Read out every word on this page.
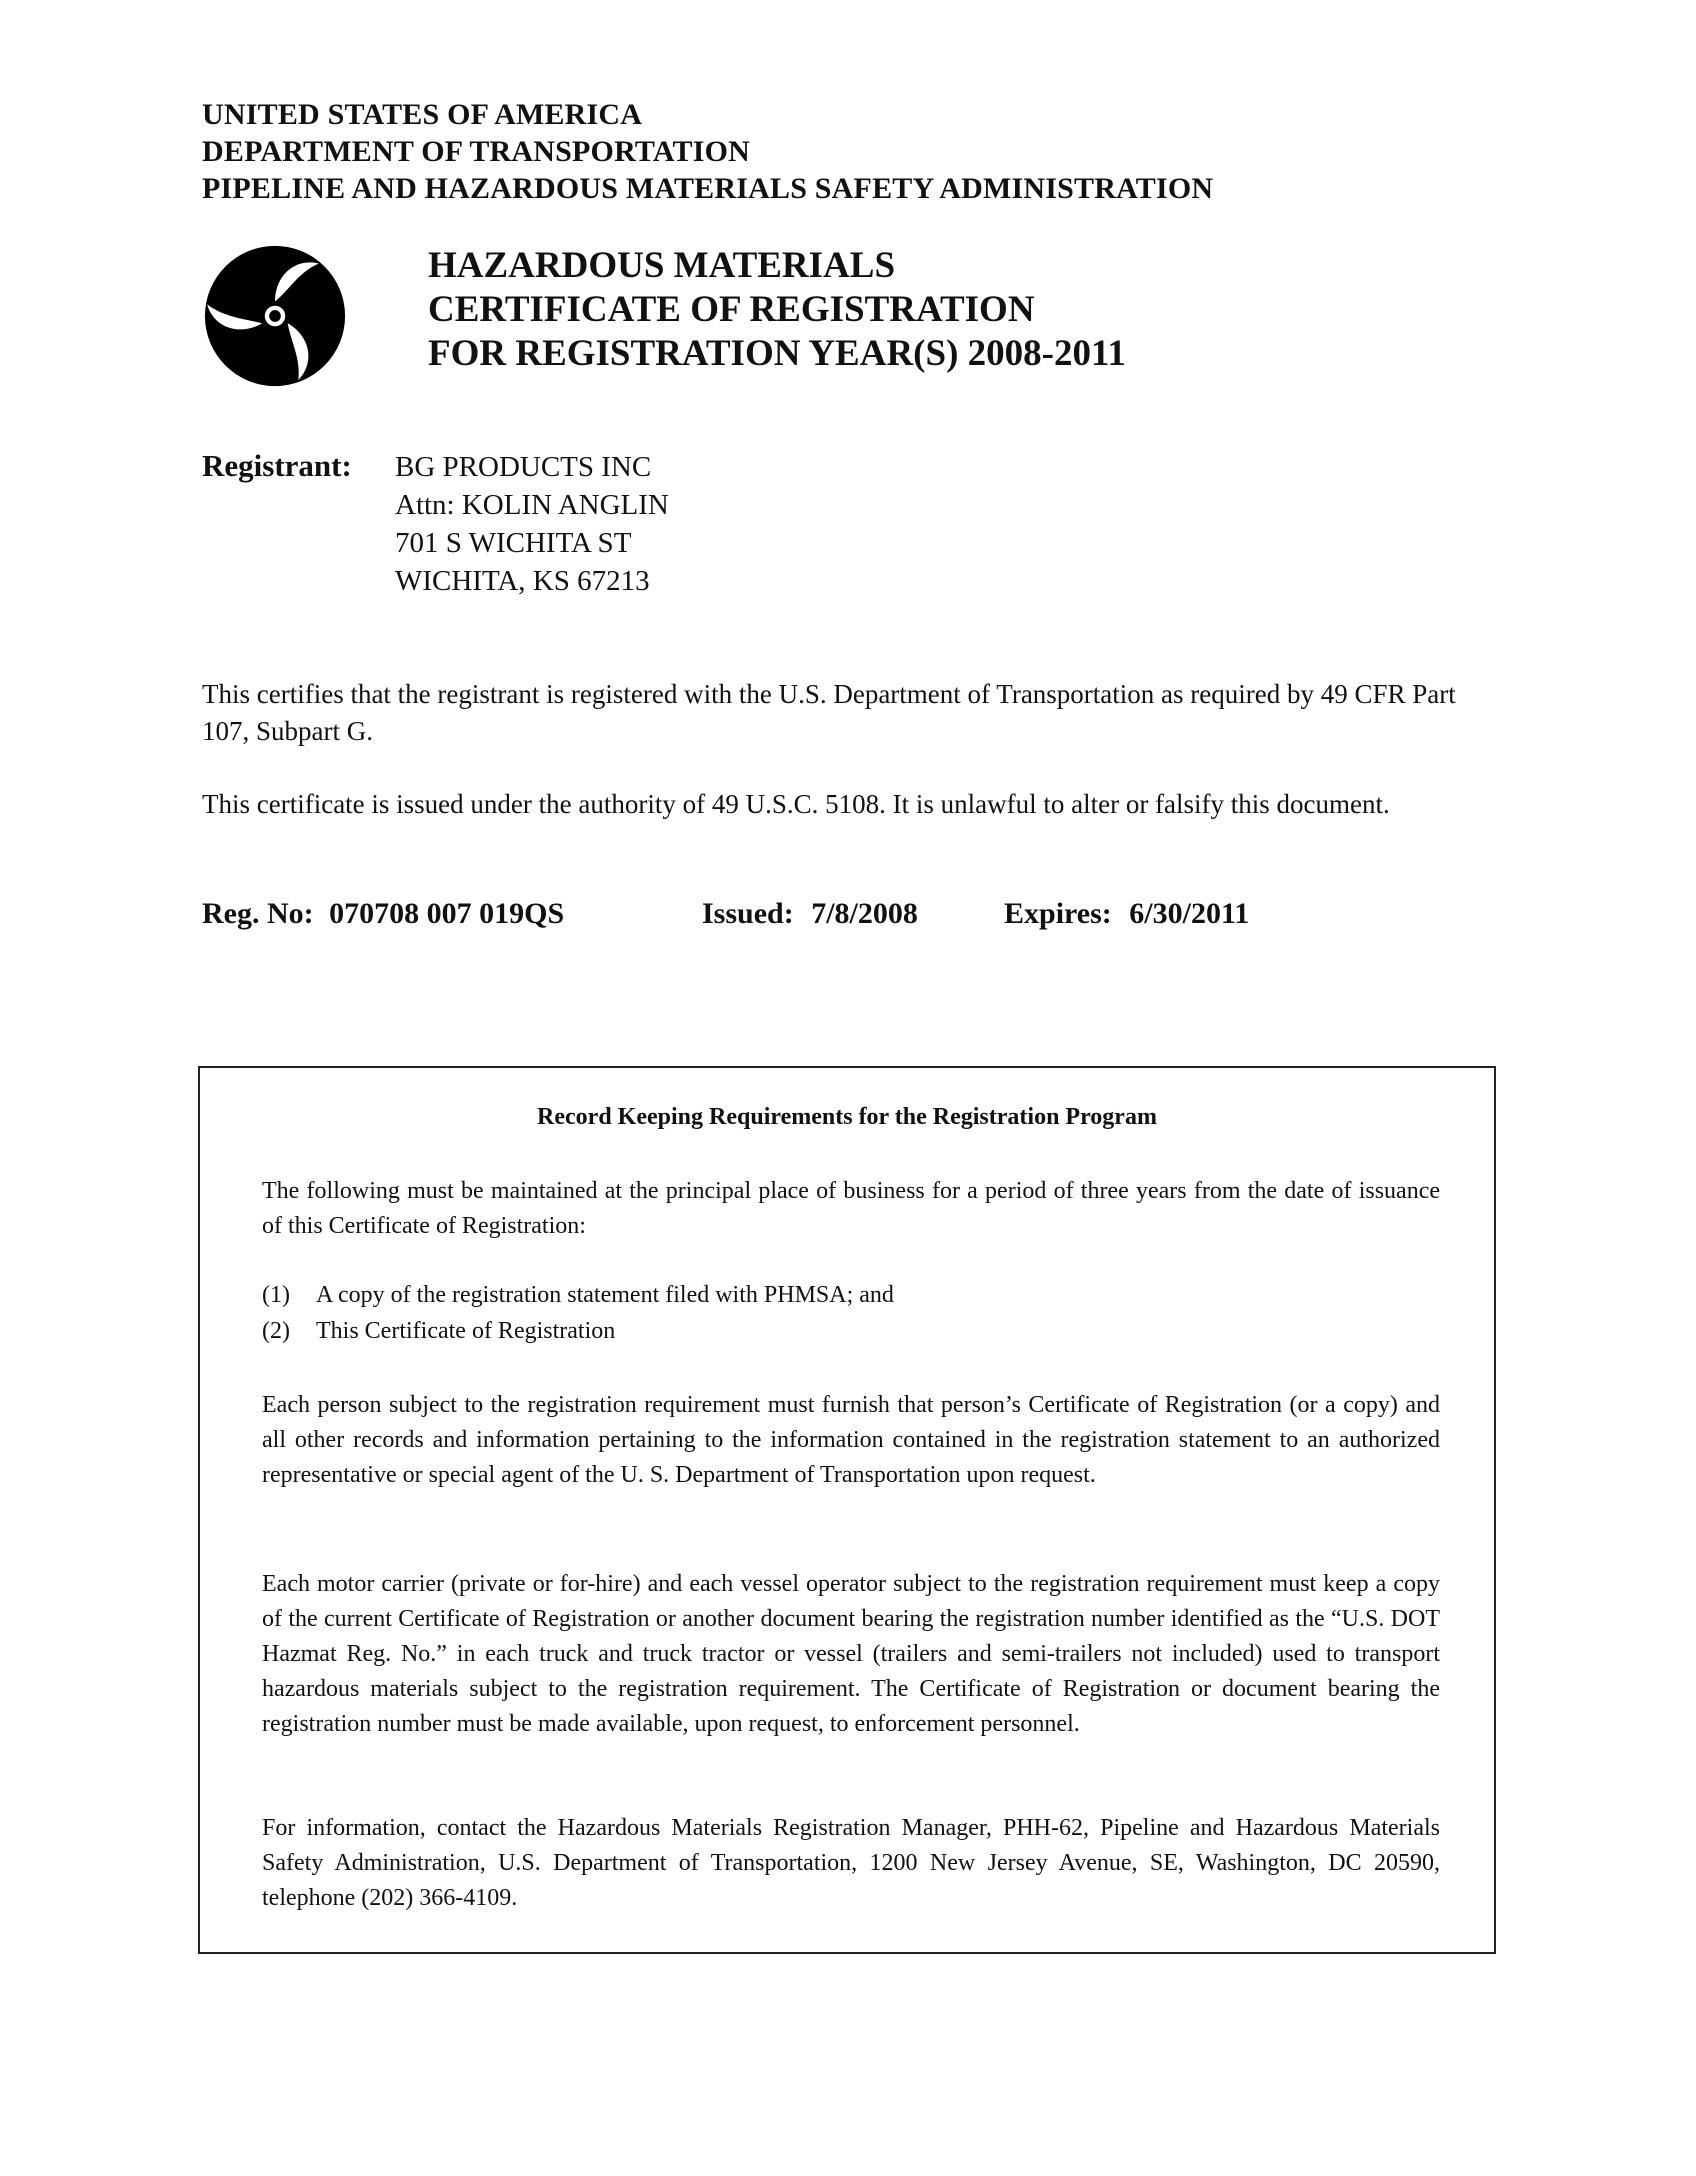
UNITED STATES OF AMERICA
DEPARTMENT OF TRANSPORTATION
PIPELINE AND HAZARDOUS MATERIALS SAFETY ADMINISTRATION
HAZARDOUS MATERIALS
CERTIFICATE OF REGISTRATION
FOR REGISTRATION YEAR(S) 2008-2011
Registrant: BG PRODUCTS INC
Attn: KOLIN ANGLIN
701 S WICHITA ST
WICHITA, KS 67213
This certifies that the registrant is registered with the U.S. Department of Transportation as required by 49 CFR Part 107, Subpart G.
This certificate is issued under the authority of 49 U.S.C. 5108. It is unlawful to alter or falsify this document.
Reg. No: 070708 007 019QS	Issued: 7/8/2008	Expires: 6/30/2011
Record Keeping Requirements for the Registration Program
The following must be maintained at the principal place of business for a period of three years from the date of issuance of this Certificate of Registration:
(1) A copy of the registration statement filed with PHMSA; and
(2) This Certificate of Registration
Each person subject to the registration requirement must furnish that person’s Certificate of Registration (or a copy) and all other records and information pertaining to the information contained in the registration statement to an authorized representative or special agent of the U. S. Department of Transportation upon request.
Each motor carrier (private or for-hire) and each vessel operator subject to the registration requirement must keep a copy of the current Certificate of Registration or another document bearing the registration number identified as the “U.S. DOT Hazmat Reg. No.” in each truck and truck tractor or vessel (trailers and semi-trailers not included) used to transport hazardous materials subject to the registration requirement. The Certificate of Registration or document bearing the registration number must be made available, upon request, to enforcement personnel.
For information, contact the Hazardous Materials Registration Manager, PHH-62, Pipeline and Hazardous Materials Safety Administration, U.S. Department of Transportation, 1200 New Jersey Avenue, SE, Washington, DC 20590, telephone (202) 366-4109.
